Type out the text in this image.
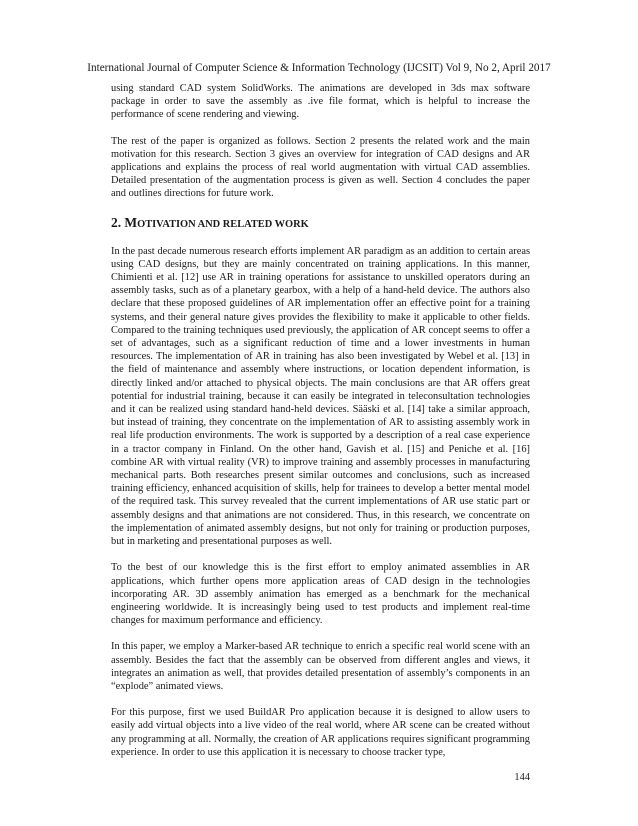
International Journal of Computer Science & Information Technology (IJCSIT) Vol 9, No 2, April 2017

using standard CAD system SolidWorks. The animations are developed in 3ds max software package in order to save the assembly as .ive file format, which is helpful to increase the performance of scene rendering and viewing.

The rest of the paper is organized as follows. Section 2 presents the related work and the main motivation for this research. Section 3 gives an overview for integration of CAD designs and AR applications and explains the process of real world augmentation with virtual CAD assemblies. Detailed presentation of the augmentation process is given as well. Section 4 concludes the paper and outlines directions for future work.

2. MOTIVATION AND RELATED WORK

In the past decade numerous research efforts implement AR paradigm as an addition to certain areas using CAD designs, but they are mainly concentrated on training applications. In this manner, Chimienti et al. [12] use AR in training operations for assistance to unskilled operators during an assembly tasks, such as of a planetary gearbox, with a help of a hand-held device. The authors also declare that these proposed guidelines of AR implementation offer an effective point for a training systems, and their general nature gives provides the flexibility to make it applicable to other fields. Compared to the training techniques used previously, the application of AR concept seems to offer a set of advantages, such as a significant reduction of time and a lower investments in human resources. The implementation of AR in training has also been investigated by Webel et al. [13] in the field of maintenance and assembly where instructions, or location dependent information, is directly linked and/or attached to physical objects. The main conclusions are that AR offers great potential for industrial training, because it can easily be integrated in teleconsultation technologies and it can be realized using standard hand-held devices. Sääski et al. [14] take a similar approach, but instead of training, they concentrate on the implementation of AR to assisting assembly work in real life production environments. The work is supported by a description of a real case experience in a tractor company in Finland. On the other hand, Gavish et al. [15] and Peniche et al. [16] combine AR with virtual reality (VR) to improve training and assembly processes in manufacturing mechanical parts. Both researches present similar outcomes and conclusions, such as increased training efficiency, enhanced acquisition of skills, help for trainees to develop a better mental model of the required task. This survey revealed that the current implementations of AR use static part or assembly designs and that animations are not considered. Thus, in this research, we concentrate on the implementation of animated assembly designs, but not only for training or production purposes, but in marketing and presentational purposes as well.

To the best of our knowledge this is the first effort to employ animated assemblies in AR applications, which further opens more application areas of CAD design in the technologies incorporating AR. 3D assembly animation has emerged as a benchmark for the mechanical engineering worldwide. It is increasingly being used to test products and implement real-time changes for maximum performance and efficiency.

In this paper, we employ a Marker-based AR technique to enrich a specific real world scene with an assembly. Besides the fact that the assembly can be observed from different angles and views, it integrates an animation as well, that provides detailed presentation of assembly’s components in an “explode” animated views.

For this purpose, first we used BuildAR Pro application because it is designed to allow users to easily add virtual objects into a live video of the real world, where AR scene can be created without any programming at all. Normally, the creation of AR applications requires significant programming experience. In order to use this application it is necessary to choose tracker type,

144
